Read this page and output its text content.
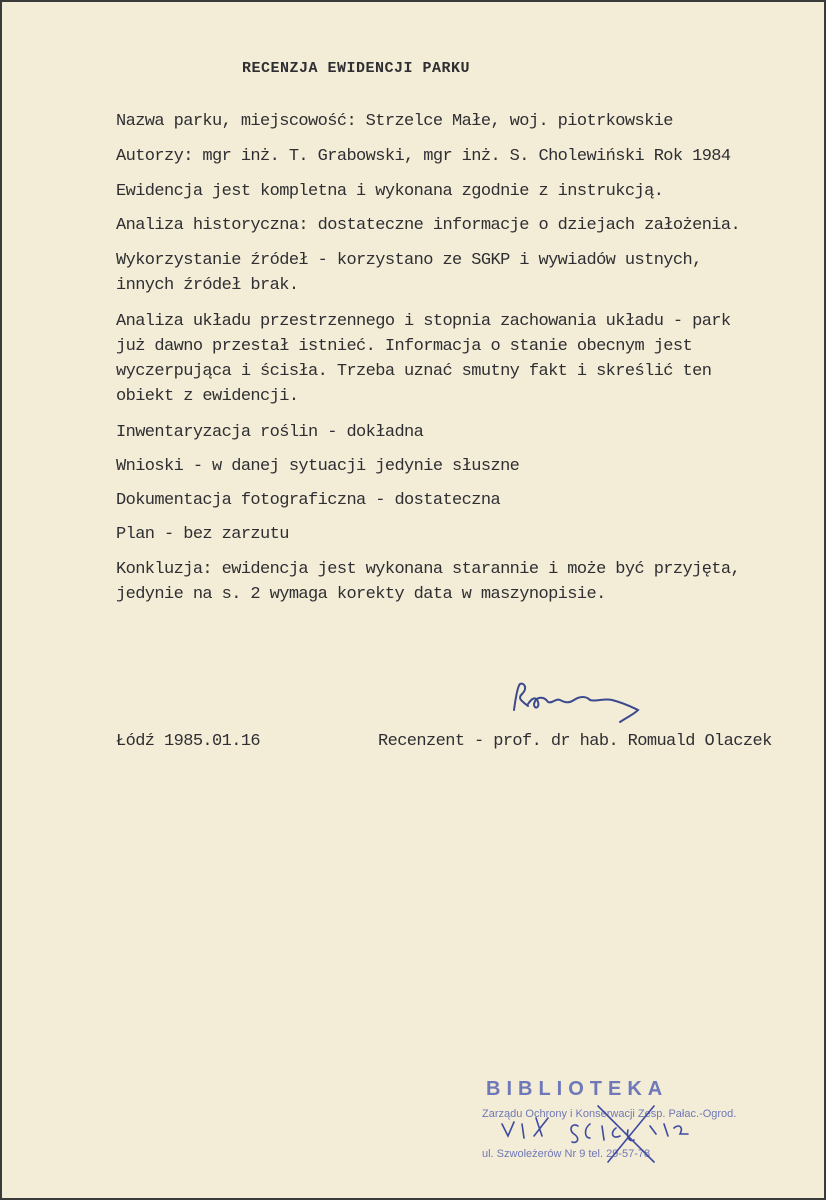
RECENZJA EWIDENCJI PARKU
Nazwa parku, miejscowość: Strzelce Małe, woj. piotrkowskie
Autorzy: mgr inż. T. Grabowski, mgr inż. S. Cholewiński Rok 1984
Ewidencja jest kompletna i wykonana zgodnie z instrukcją.
Analiza historyczna: dostateczne informacje o dziejach założenia.
Wykorzystanie źródeł - korzystano ze SGKP i wywiadów ustnych,
innych źródeł brak.
Analiza układu przestrzennego i stopnia zachowania układu - park
już dawno przestał istnieć. Informacja o stanie obecnym jest
wyczerpująca i ścisła. Trzeba uznać smutny fakt i skreślić ten
obiekt z ewidencji.
Inwentaryzacja roślin - dokładna
Wnioski - w danej sytuacji jedynie słuszne
Dokumentacja fotograficzna - dostateczna
Plan - bez zarzutu
Konkluzja: ewidencja jest wykonana starannie i może być przyjęta,
jedynie na s. 2 wymaga korekty data w maszynopisie.
Łódź 1985.01.16	Recenzent - prof. dr hab. Romuald Olaczek
BIBLIOTEKA
Zarządu Ochrony i Konserwacji Zesp. Pałac.-Ogrod.
ul. Szwoleżerów Nr 9 tel. 29-57-78
